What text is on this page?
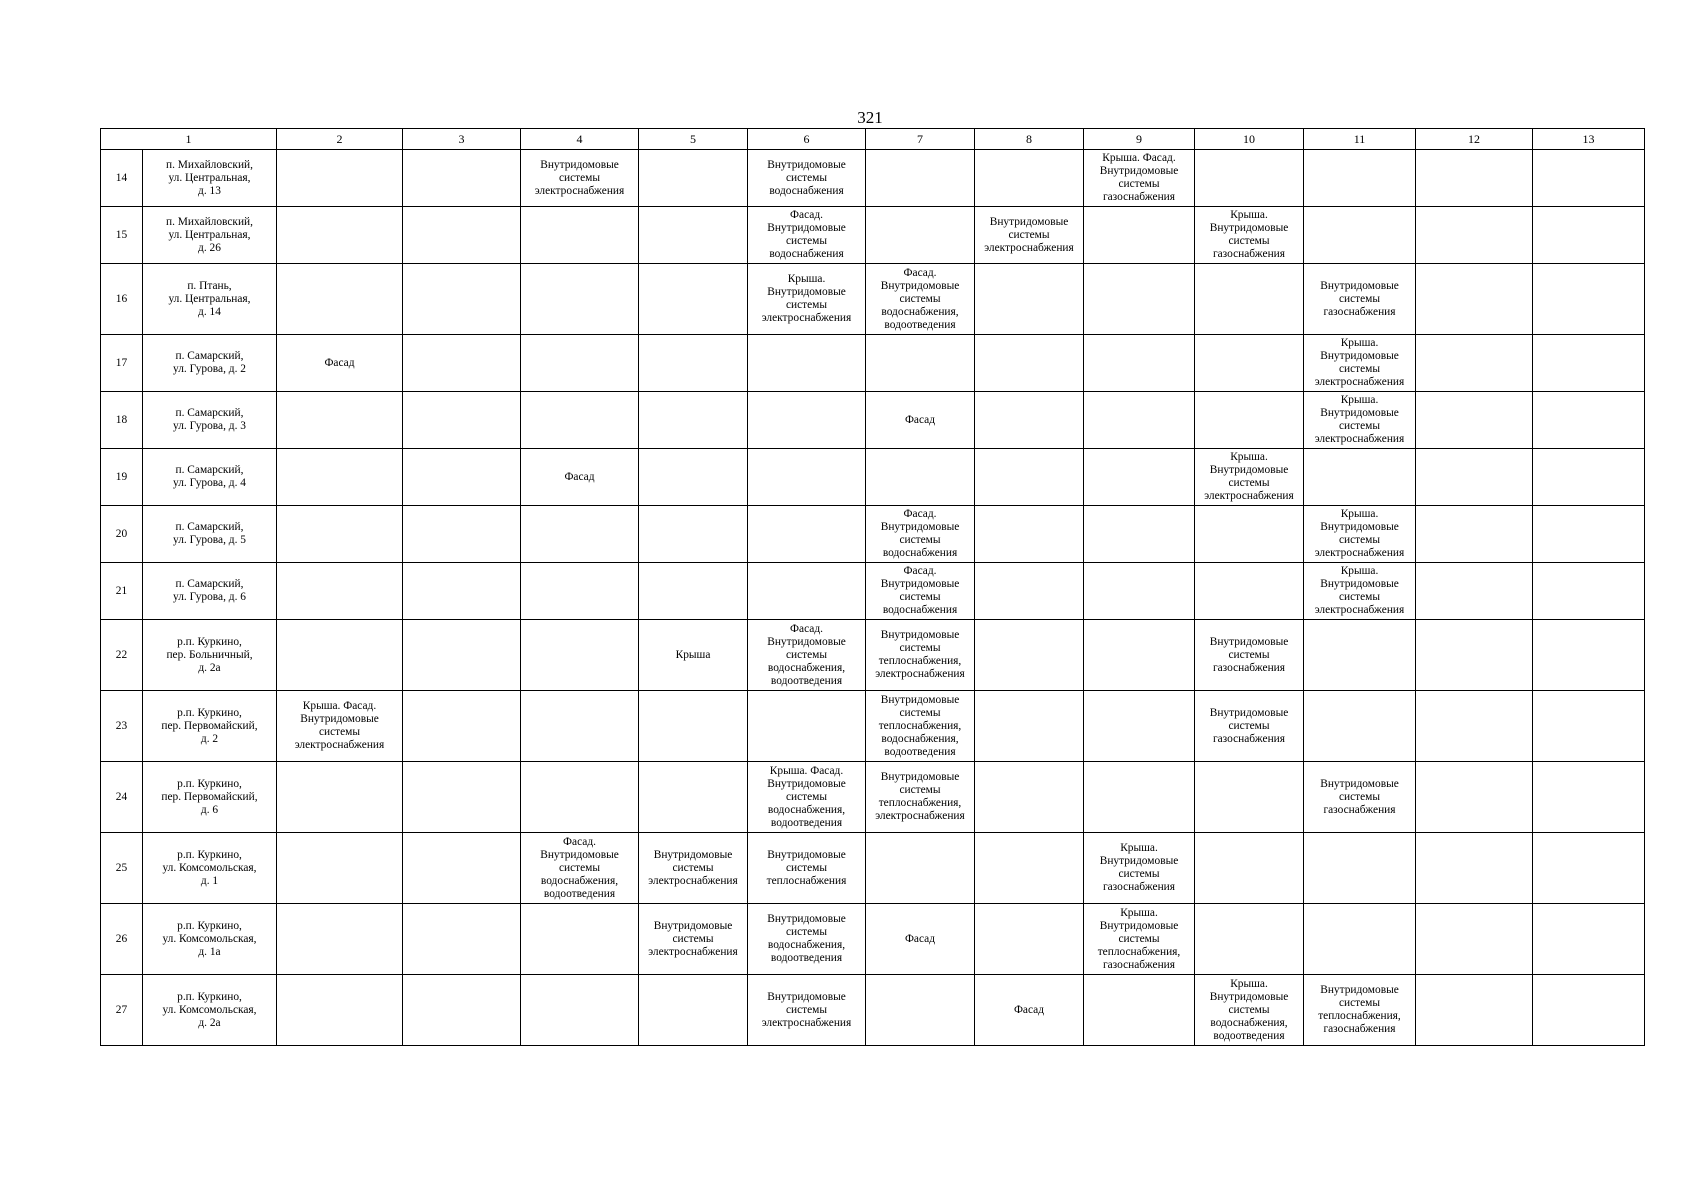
321
1		2	3	4	5	6	7	8	9	10	11	12	13
14	п. Михайловский,
ул. Центральная,
д. 13			Внутридомовые
системы
электроснабжения		Внутридомовые
системы
водоснабжения			Крыша. Фасад.
Внутридомовые
системы
газоснабжения				
15	п. Михайловский,
ул. Центральная,
д. 26					Фасад.
Внутридомовые
системы
водоснабжения		Внутридомовые
системы
электроснабжения		Крыша.
Внутридомовые
системы
газоснабжения			
16	п. Птань,
ул. Центральная,
д. 14					Крыша.
Внутридомовые
системы
электроснабжения	Фасад.
Внутридомовые
системы
водоснабжения,
водоотведения				Внутридомовые
системы
газоснабжения		
17	п. Самарский,
ул. Гурова, д. 2	Фасад									Крыша.
Внутридомовые
системы
электроснабжения		
18	п. Самарский,
ул. Гурова, д. 3						Фасад				Крыша.
Внутридомовые
системы
электроснабжения		
19	п. Самарский,
ул. Гурова, д. 4			Фасад						Крыша.
Внутридомовые
системы
электроснабжения			
20	п. Самарский,
ул. Гурова, д. 5						Фасад.
Внутридомовые
системы
водоснабжения				Крыша.
Внутридомовые
системы
электроснабжения		
21	п. Самарский,
ул. Гурова, д. 6						Фасад.
Внутридомовые
системы
водоснабжения				Крыша.
Внутридомовые
системы
электроснабжения		
22	р.п. Куркино,
пер. Больничный,
д. 2а				Крыша	Фасад.
Внутридомовые
системы
водоснабжения,
водоотведения	Внутридомовые
системы
теплоснабжения,
электроснабжения			Внутридомовые
системы
газоснабжения			
23	р.п. Куркино,
пер. Первомайский,
д. 2	Крыша. Фасад.
Внутридомовые
системы
электроснабжения					Внутридомовые
системы
теплоснабжения,
водоснабжения,
водоотведения			Внутридомовые
системы
газоснабжения			
24	р.п. Куркино,
пер. Первомайский,
д. 6					Крыша. Фасад.
Внутридомовые
системы
водоснабжения,
водоотведения	Внутридомовые
системы
теплоснабжения,
электроснабжения				Внутридомовые
системы
газоснабжения		
25	р.п. Куркино,
ул. Комсомольская,
д. 1			Фасад.
Внутридомовые
системы
водоснабжения,
водоотведения	Внутридомовые
системы
электроснабжения	Внутридомовые
системы
теплоснабжения			Крыша.
Внутридомовые
системы
газоснабжения				
26	р.п. Куркино,
ул. Комсомольская,
д. 1а				Внутридомовые
системы
электроснабжения	Внутридомовые
системы
водоснабжения,
водоотведения	Фасад		Крыша.
Внутридомовые
системы
теплоснабжения,
газоснабжения				
27	р.п. Куркино,
ул. Комсомольская,
д. 2а					Внутридомовые
системы
электроснабжения		Фасад		Крыша.
Внутридомовые
системы
водоснабжения,
водоотведения	Внутридомовые
системы
теплоснабжения,
газоснабжения		
